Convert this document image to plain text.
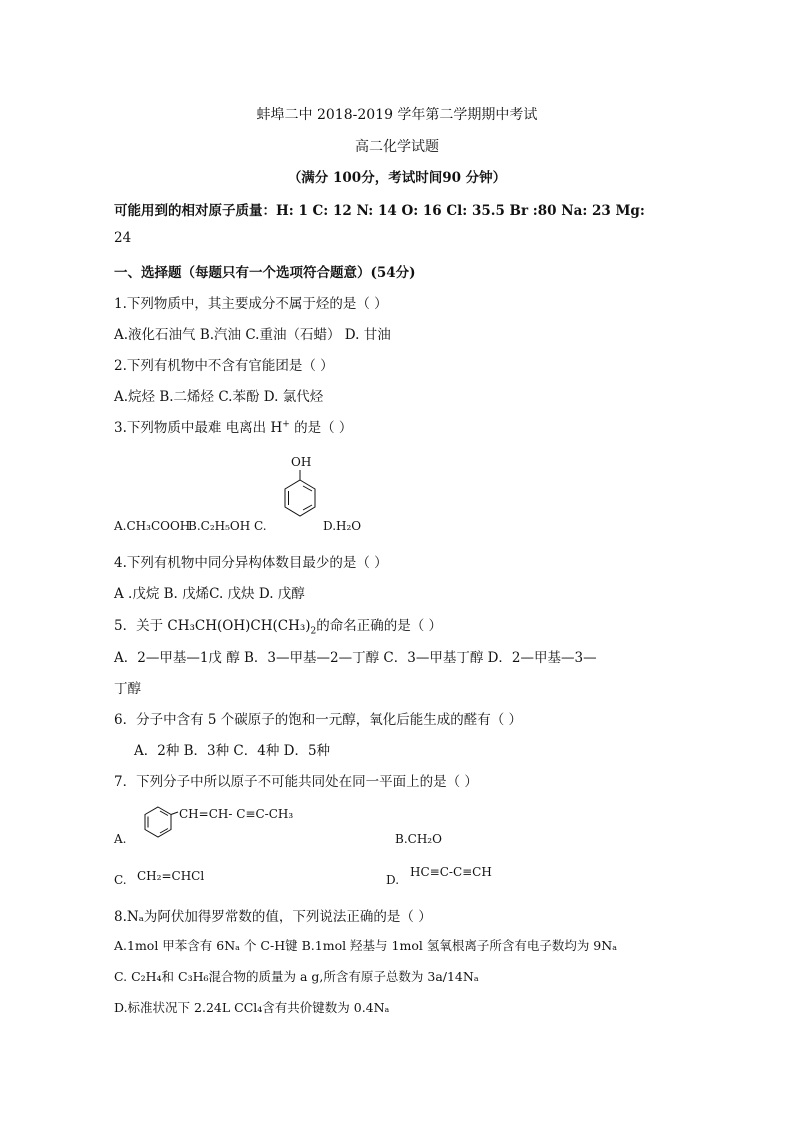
蚌埠二中 2018-2019 学年第二学期期中考试
高二化学试题
（满分 100分，考试时间90 分钟）
可能用到的相对原子质量：H: 1 C: 12 N: 14 O: 16 Cl: 35.5 Br :80 Na: 23 Mg:
24
一、选择题（每题只有一个选项符合题意）(54分)
1.下列物质中，其主要成分不属于烃的是（ ）
A.液化石油气 B.汽油 C.重油（石蜡） D. 甘油
2.下列有机物中不含有官能团是（ ）
A.烷烃 B.二烯烃 C.苯酚 D. 氯代烃
3.下列物质中最难 电离出 H+ 的是（ ）
OH
A.CH₃COOH
B.C₂H₅OH C.	D.H₂O
4.下列有机物中同分异构体数目最少的是（ ）
A .戊烷 B. 戊烯C. 戊炔 D. 戊醇
5．关于 $CH_3CH(OH)CH(CH_3)_2$的命名正确的是（ ）
A．2—甲基—1戊 醇 B．3—甲基—2—丁醇 C．3—甲基丁醇 D．2—甲基—3—
丁醇
6．分子中含有 5 个碳原子的饱和一元醇，氧化后能生成的醛有（ ）
A．2种 B．3种 C．4种 D．5种
7．下列分子中所以原子不可能共同处在同一平面上的是（ ）
A.
CH=CH- C≡C-CH₃
B.CH₂O
C. CH₂=CHCl	D.
HC≡C-C≡CH
8.Nₐ为阿伏加得罗常数的值，下列说法正确的是（ ）
A.1mol 甲苯含有 6Nₐ 个 C-H键 B.1mol 羟基与 1mol 氢氧根离子所含有电子数均为 9Nₐ
C. C₂H₄和 C₃H₆混合物的质量为 a g,所含有原子总数为 3a/14Nₐ
D.标准状况下 2.24L CCl₄含有共价键数为 0.4Nₐ
